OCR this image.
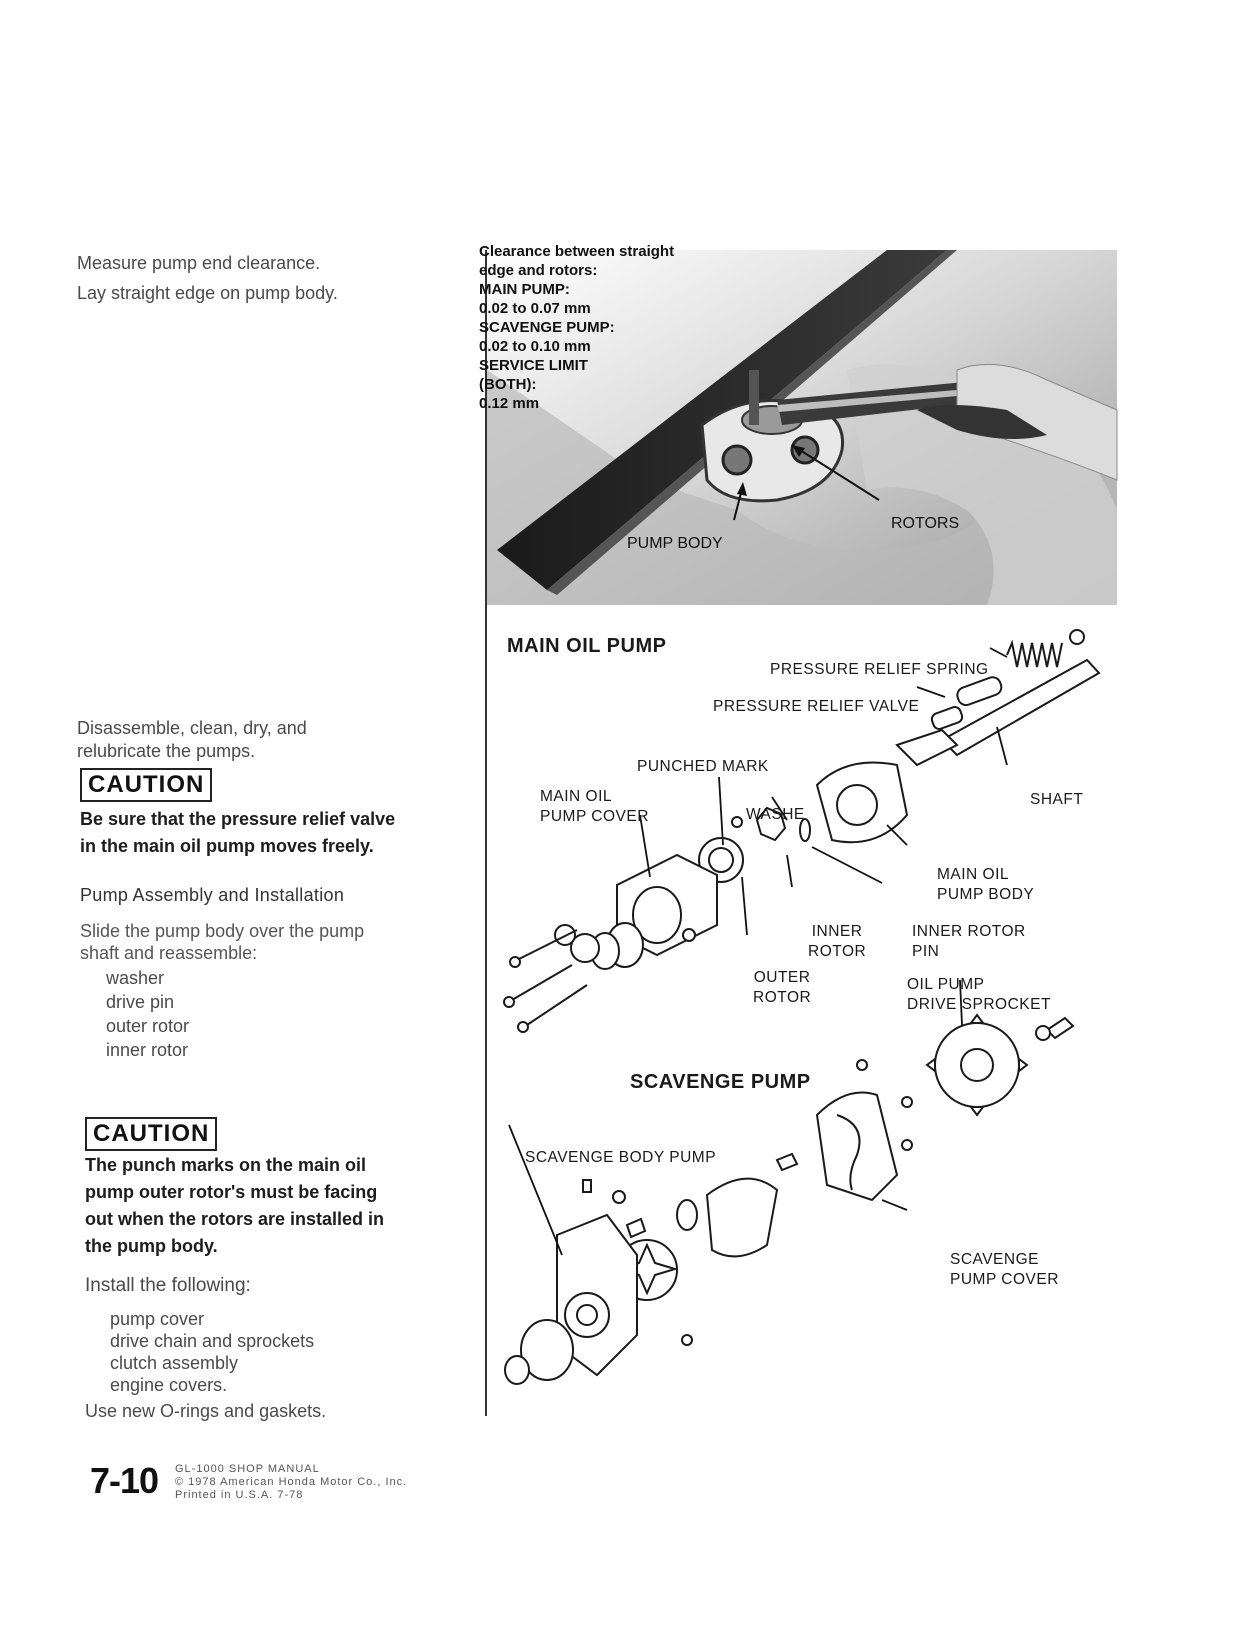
Measure pump end clearance.
Lay straight edge on pump body.
Disassemble, clean, dry, and
relubricate the pumps.
CAUTION
Be sure that the pressure relief valve
in the main oil pump moves freely.
Pump Assembly and Installation
Slide the pump body over the pump
shaft and reassemble:
washer
drive pin
outer rotor
inner rotor
CAUTION
The punch marks on the main oil
pump outer rotor's must be facing
out when the rotors are installed in
the pump body.
Install the following:
pump cover
drive chain and sprockets
clutch assembly
engine covers.
Use new O-rings and gaskets.
7-10 GL-1000 SHOP MANUAL
© 1978 American Honda Motor Co., Inc.
Printed in U.S.A. 7-78
Clearance between straight
edge and rotors:
MAIN PUMP:
0.02 to 0.07 mm
SCAVENGE PUMP:
0.02 to 0.10 mm
SERVICE LIMIT
(BOTH):
0.12 mm
ROTORS
PUMP BODY
MAIN OIL PUMP
SCAVENGE PUMP
PRESSURE RELIEF SPRING
PRESSURE RELIEF VALVE
PUNCHED MARK
MAIN OIL
PUMP COVER	WASHE
SHAFT
MAIN OIL
PUMP BODY
INNER
ROTOR
INNER ROTOR
PIN
OUTER
ROTOR
OIL PUMP
DRIVE SPROCKET
SCAVENGE BODY PUMP
SCAVENGE
PUMP COVER
